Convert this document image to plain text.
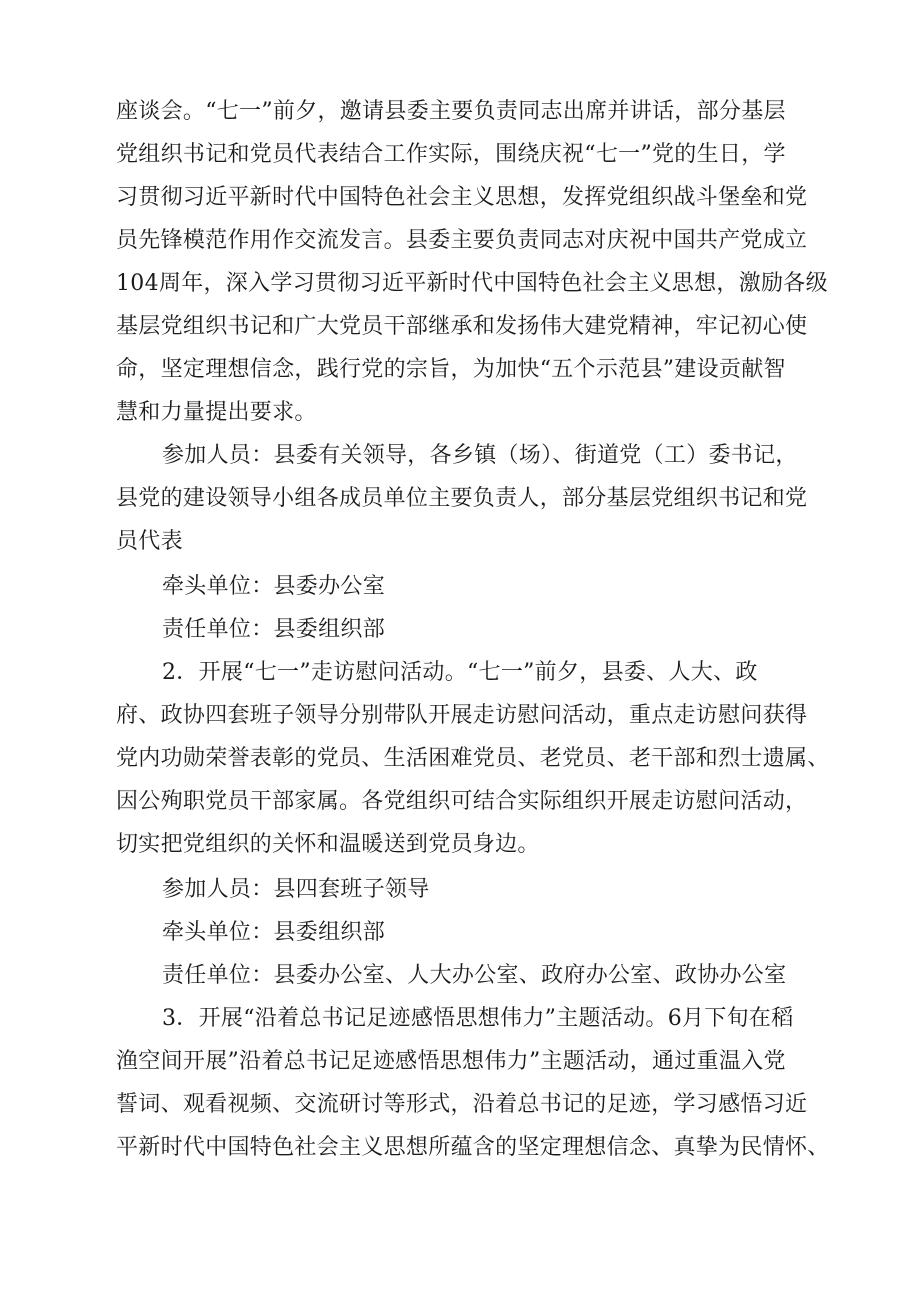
座谈会。“七一”前夕，邀请县委主要负责同志出席并讲话，部分基层
党组织书记和党员代表结合工作实际，围绕庆祝“七一”党的生日，学
习贯彻习近平新时代中国特色社会主义思想，发挥党组织战斗堡垒和党
员先锋模范作用作交流发言。县委主要负责同志对庆祝中国共产党成立
104周年，深入学习贯彻习近平新时代中国特色社会主义思想，激励各级
基层党组织书记和广大党员干部继承和发扬伟大建党精神，牢记初心使
命，坚定理想信念，践行党的宗旨，为加快“五个示范县”建设贡献智
慧和力量提出要求。
参加人员：县委有关领导，各乡镇（场）、街道党（工）委书记，
县党的建设领导小组各成员单位主要负责人，部分基层党组织书记和党
员代表
牵头单位：县委办公室
责任单位：县委组织部
2．开展“七一”走访慰问活动。“七一”前夕，县委、人大、政
府、政协四套班子领导分别带队开展走访慰问活动，重点走访慰问获得
党内功勋荣誉表彰的党员、生活困难党员、老党员、老干部和烈士遗属、
因公殉职党员干部家属。各党组织可结合实际组织开展走访慰问活动，
切实把党组织的关怀和温暖送到党员身边。
参加人员：县四套班子领导
牵头单位：县委组织部
责任单位：县委办公室、人大办公室、政府办公室、政协办公室
3．开展“沿着总书记足迹感悟思想伟力”主题活动。6月下旬在稻
渔空间开展”沿着总书记足迹感悟思想伟力”主题活动，通过重温入党
誓词、观看视频、交流研讨等形式，沿着总书记的足迹，学习感悟习近
平新时代中国特色社会主义思想所蕴含的坚定理想信念、真挚为民情怀、
